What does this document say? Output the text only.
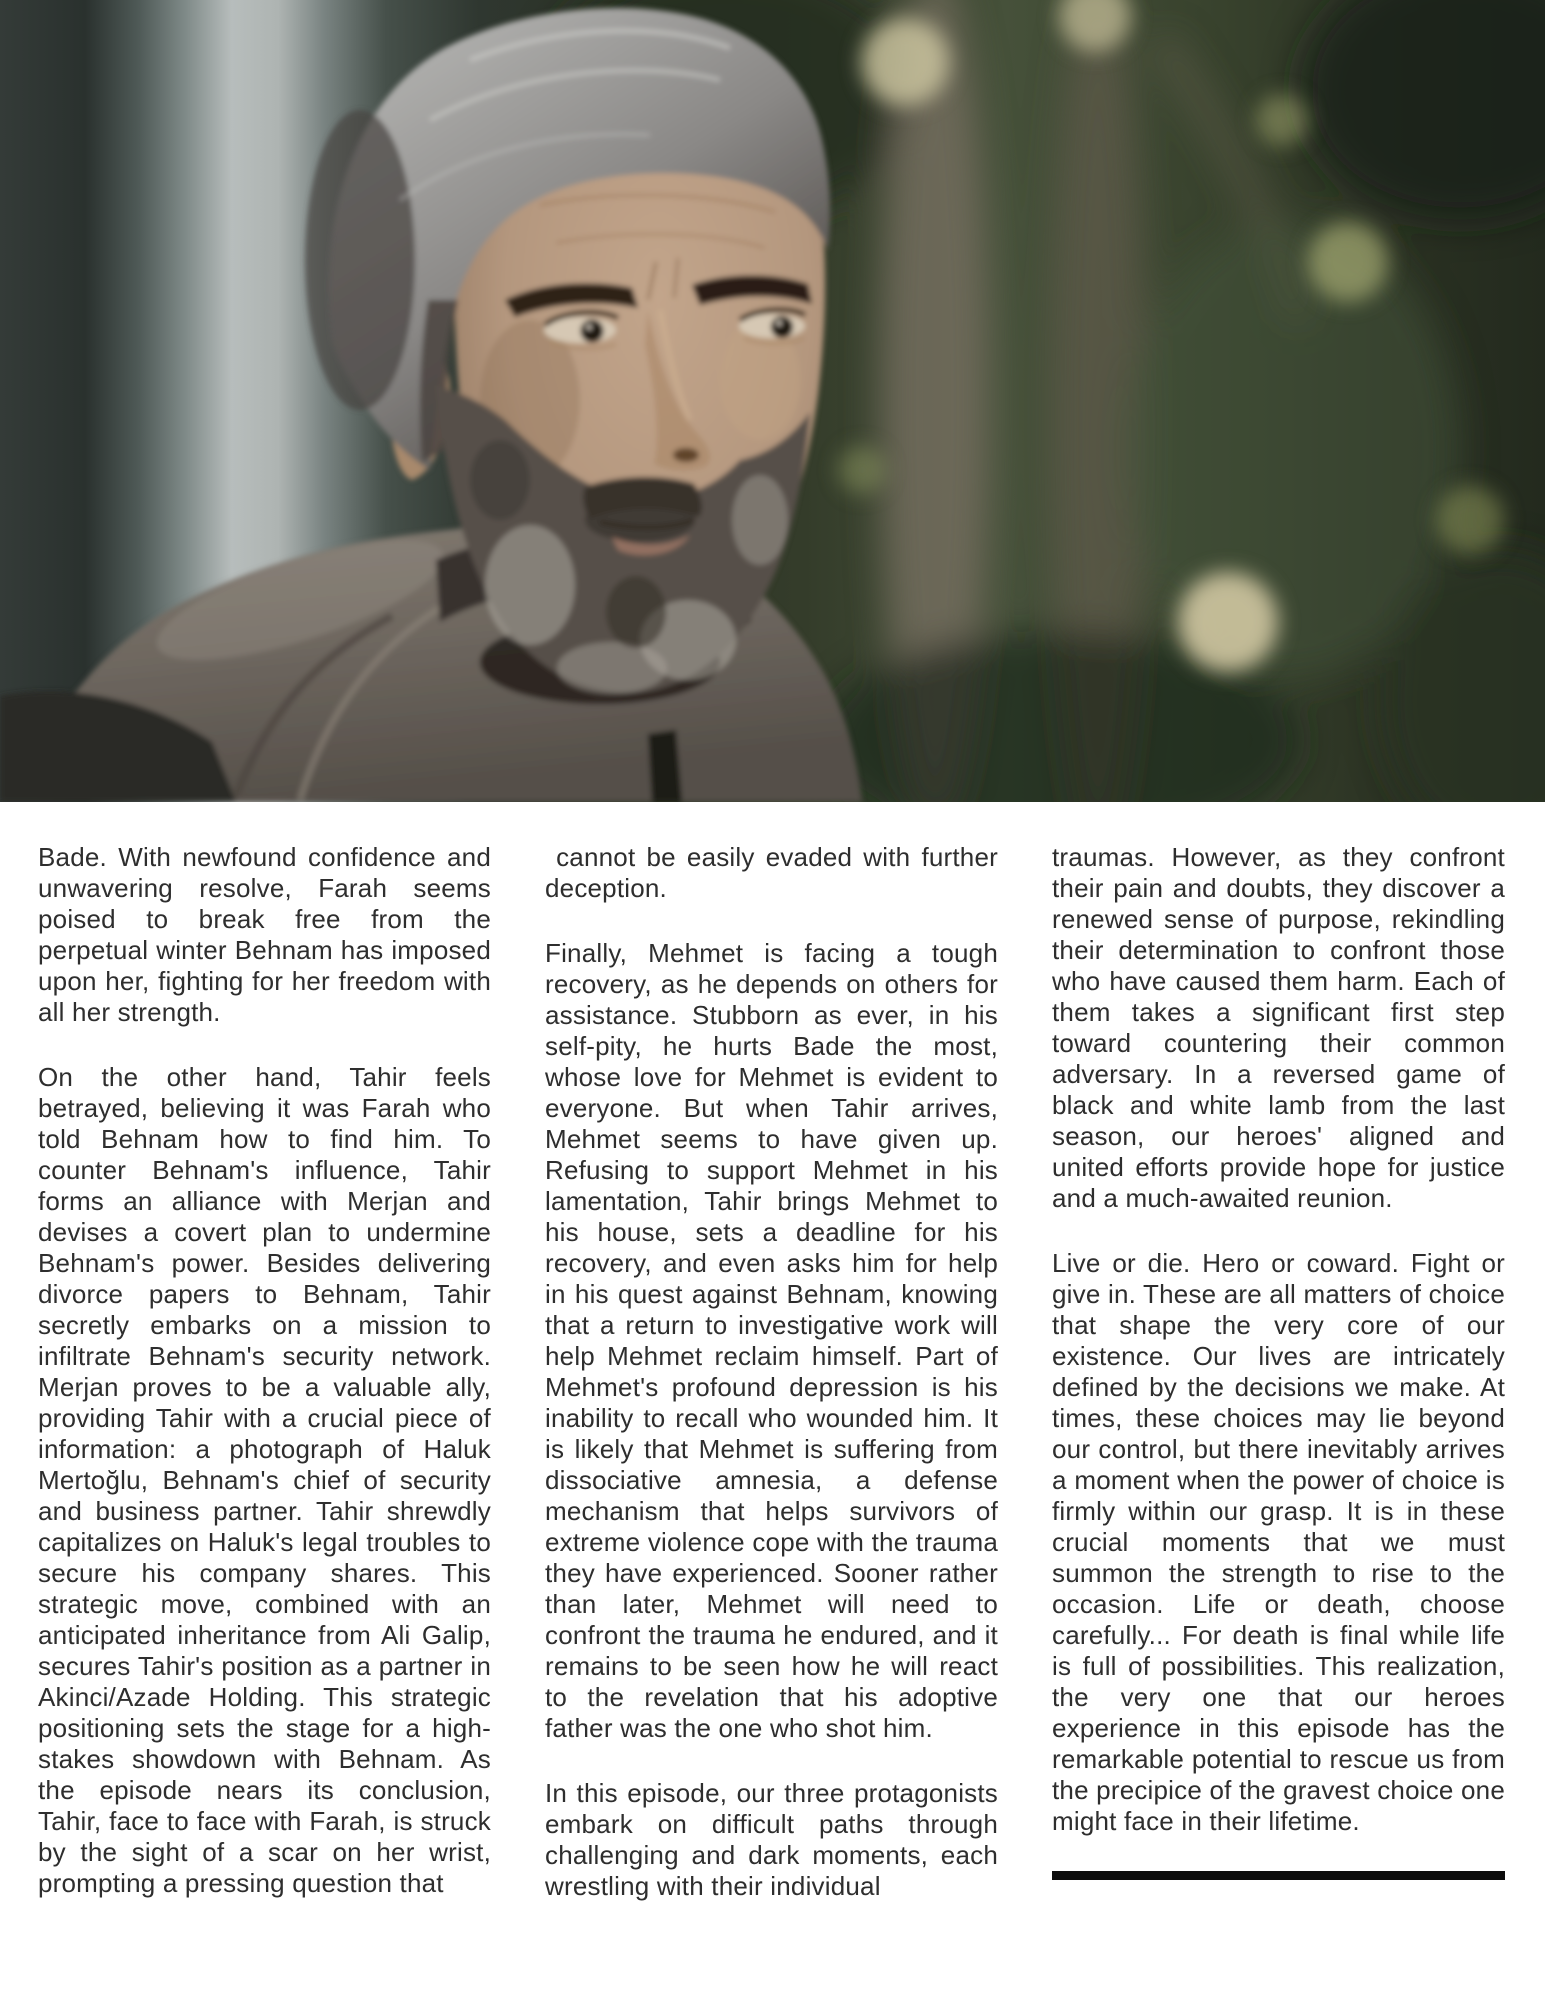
Bade. With newfound confidence and unwavering resolve, Farah seems poised to break free from the perpetual winter Behnam has imposed upon her, fighting for her freedom with all her strength.

On the other hand, Tahir feels betrayed, believing it was Farah who told Behnam how to find him. To counter Behnam's influence, Tahir forms an alliance with Merjan and devises a covert plan to undermine Behnam's power. Besides delivering divorce papers to Behnam, Tahir secretly embarks on a mission to infiltrate Behnam's security network. Merjan proves to be a valuable ally, providing Tahir with a crucial piece of information: a photograph of Haluk Mertoğlu, Behnam's chief of security and business partner. Tahir shrewdly capitalizes on Haluk's legal troubles to secure his company shares. This strategic move, combined with an anticipated inheritance from Ali Galip, secures Tahir's position as a partner in Akinci/Azade Holding. This strategic positioning sets the stage for a high-stakes showdown with Behnam. As the episode nears its conclusion, Tahir, face to face with Farah, is struck by the sight of a scar on her wrist, prompting a pressing question that

cannot be easily evaded with further deception.

Finally, Mehmet is facing a tough recovery, as he depends on others for assistance. Stubborn as ever, in his self-pity, he hurts Bade the most, whose love for Mehmet is evident to everyone. But when Tahir arrives, Mehmet seems to have given up. Refusing to support Mehmet in his lamentation, Tahir brings Mehmet to his house, sets a deadline for his recovery, and even asks him for help in his quest against Behnam, knowing that a return to investigative work will help Mehmet reclaim himself. Part of Mehmet's profound depression is his inability to recall who wounded him. It is likely that Mehmet is suffering from dissociative amnesia, a defense mechanism that helps survivors of extreme violence cope with the trauma they have experienced. Sooner rather than later, Mehmet will need to confront the trauma he endured, and it remains to be seen how he will react to the revelation that his adoptive father was the one who shot him.

In this episode, our three protagonists embark on difficult paths through challenging and dark moments, each wrestling with their individual

traumas. However, as they confront their pain and doubts, they discover a renewed sense of purpose, rekindling their determination to confront those who have caused them harm. Each of them takes a significant first step toward countering their common adversary. In a reversed game of black and white lamb from the last season, our heroes' aligned and united efforts provide hope for justice and a much-awaited reunion.

Live or die. Hero or coward. Fight or give in. These are all matters of choice that shape the very core of our existence. Our lives are intricately defined by the decisions we make. At times, these choices may lie beyond our control, but there inevitably arrives a moment when the power of choice is firmly within our grasp. It is in these crucial moments that we must summon the strength to rise to the occasion. Life or death, choose carefully... For death is final while life is full of possibilities. This realization, the very one that our heroes experience in this episode has the remarkable potential to rescue us from the precipice of the gravest choice one might face in their lifetime.
